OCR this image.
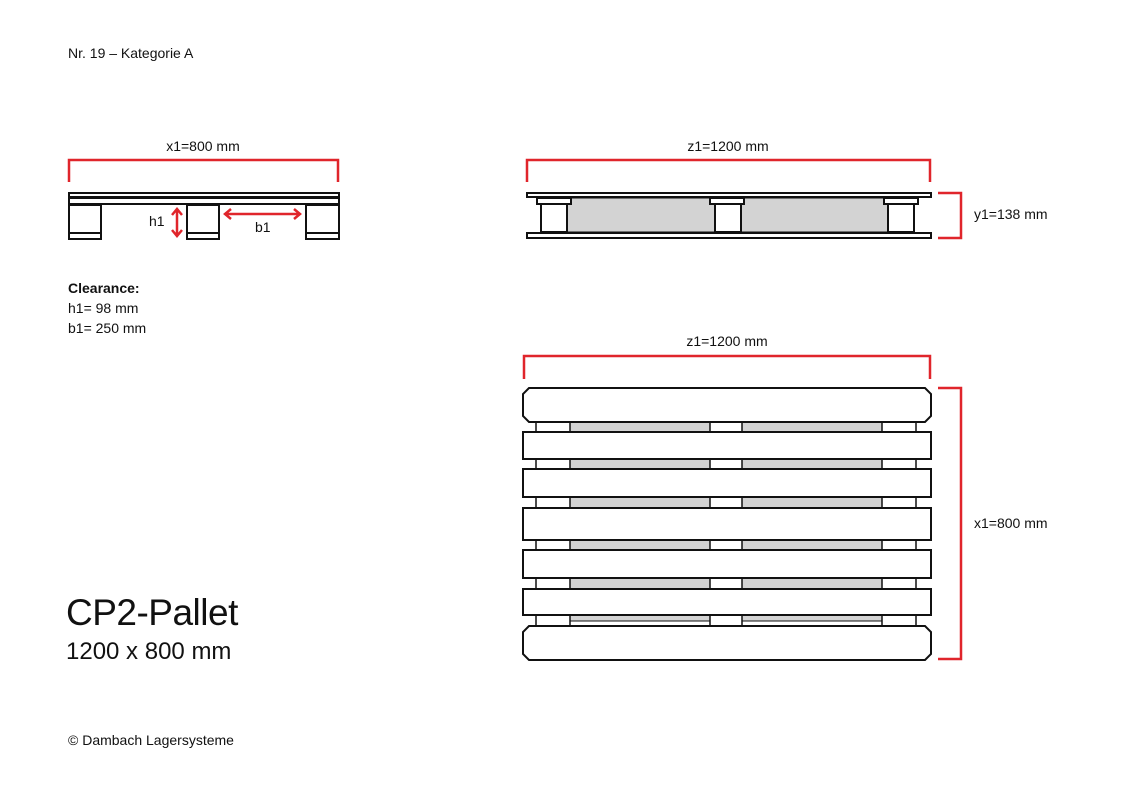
Nr. 19 – Kategorie A

x1=800 mm
h1	b1
z1=1200 mm
y1=138 mm
z1=1200 mm
x1=800 mm

Clearance:

h1= 98 mm

b1= 250 mm

CP2-Pallet

1200 x 800 mm

© Dambach Lagersysteme
